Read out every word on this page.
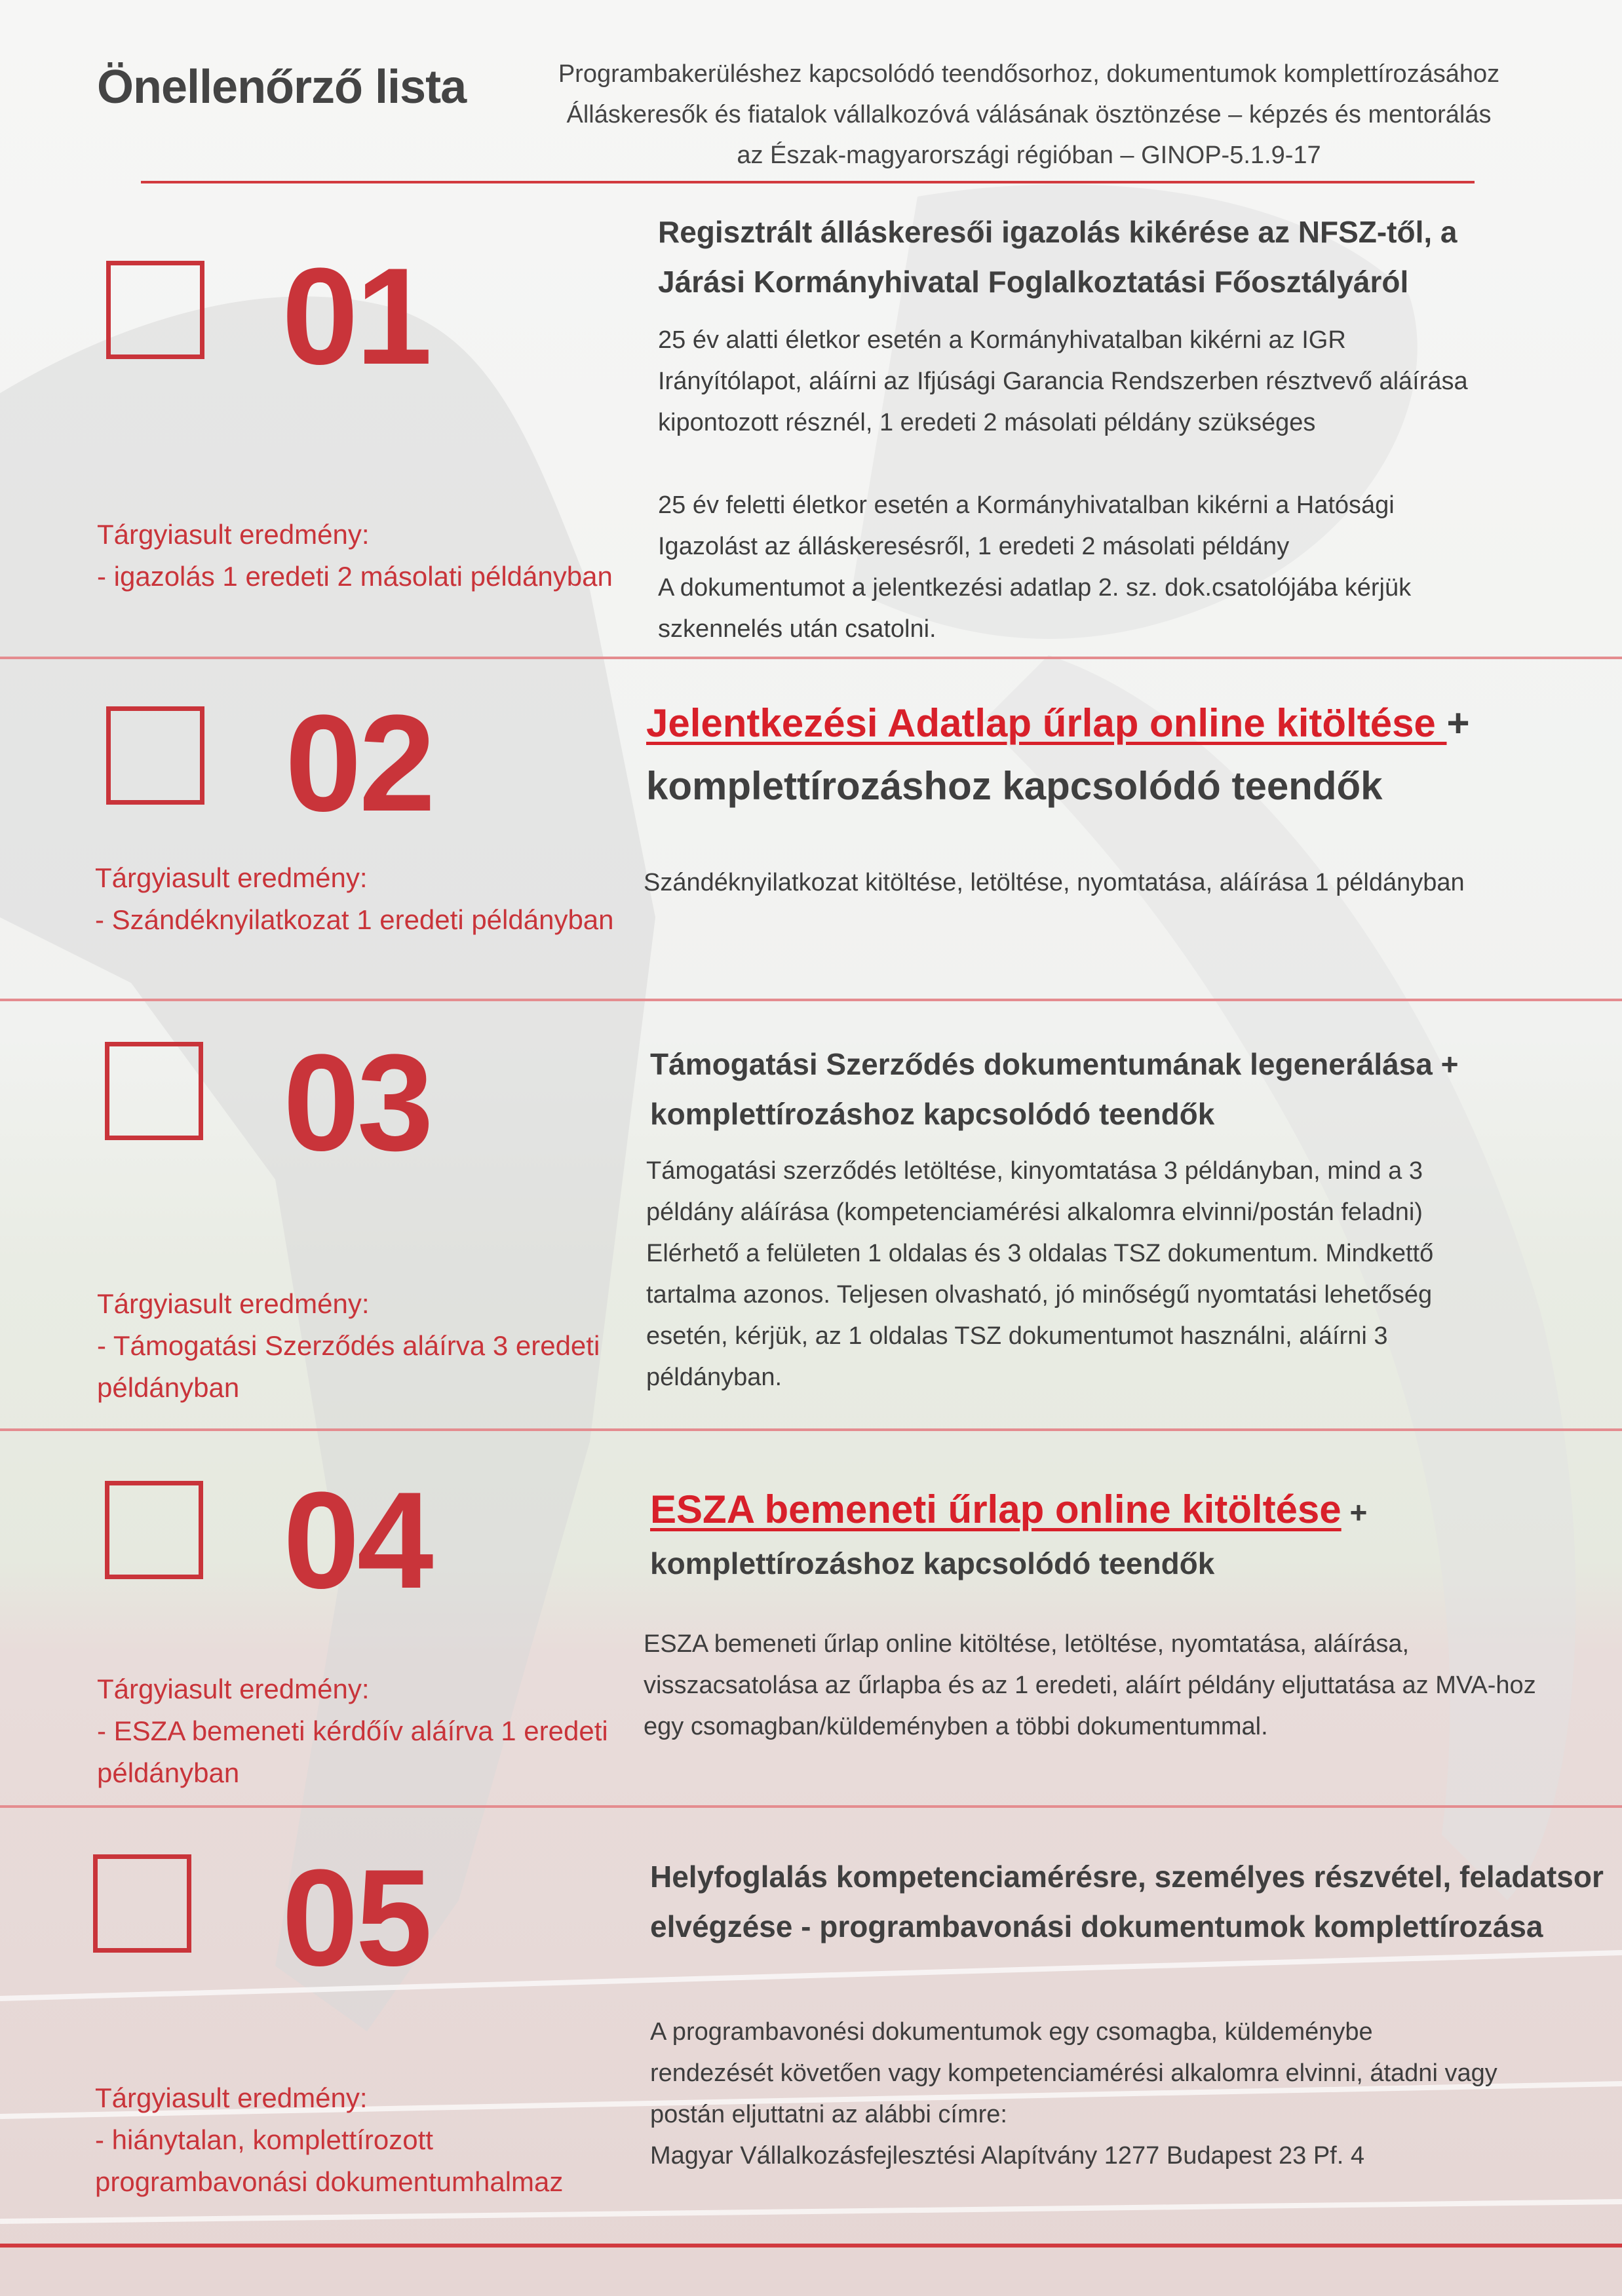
Önellenőrző lista	Programbakerüléshez kapcsolódó teendősorhoz, dokumentumok komplettírozásához
Álláskeresők és fiatalok vállalkozóvá válásának ösztönzése – képzés és mentorálás
az Észak-magyarországi régióban – GINOP-5.1.9-17
01
Regisztrált álláskeresői igazolás kikérése az NFSZ-től, a
Járási Kormányhivatal Foglalkoztatási Főosztályáról
25 év alatti életkor esetén a Kormányhivatalban kikérni az IGR
Irányítólapot, aláírni az Ifjúsági Garancia Rendszerben résztvevő aláírása
kipontozott résznél, 1 eredeti 2 másolati példány szükséges
25 év feletti életkor esetén a Kormányhivatalban kikérni a Hatósági
Igazolást az álláskeresésről, 1 eredeti 2 másolati példány
A dokumentumot a jelentkezési adatlap 2. sz. dok.csatolójába kérjük
szkennelés után csatolni.
Tárgyiasult eredmény:
- igazolás 1 eredeti 2 másolati példányban
02	Jelentkezési Adatlap űrlap online kitöltése +
komplettírozáshoz kapcsolódó teendők
Szándéknyilatkozat kitöltése, letöltése, nyomtatása, aláírása 1 példányban
Tárgyiasult eredmény:
- Szándéknyilatkozat 1 eredeti példányban
03	Támogatási Szerződés dokumentumának legenerálása +
komplettírozáshoz kapcsolódó teendők
Támogatási szerződés letöltése, kinyomtatása 3 példányban, mind a 3
példány aláírása (kompetenciamérési alkalomra elvinni/postán feladni)
Elérhető a felületen 1 oldalas és 3 oldalas TSZ dokumentum. Mindkettő
tartalma azonos. Teljesen olvasható, jó minőségű nyomtatási lehetőség
esetén, kérjük, az 1 oldalas TSZ dokumentumot használni, aláírni 3
példányban.
Tárgyiasult eredmény:
- Támogatási Szerződés aláírva 3 eredeti
példányban
04	ESZA bemeneti űrlap online kitöltése +
komplettírozáshoz kapcsolódó teendők
ESZA bemeneti űrlap online kitöltése, letöltése, nyomtatása, aláírása,
visszacsatolása az űrlapba és az 1 eredeti, aláírt példány eljuttatása az MVA-hoz
egy csomagban/küldeményben a többi dokumentummal.
Tárgyiasult eredmény:
- ESZA bemeneti kérdőív aláírva 1 eredeti
példányban
05	Helyfoglalás kompetenciamérésre, személyes részvétel, feladatsor
elvégzése - programbavonási dokumentumok komplettírozása
A programbavonési dokumentumok egy csomagba, küldeménybe
rendezését követően vagy kompetenciamérési alkalomra elvinni, átadni vagy
postán eljuttatni az alábbi címre:
Magyar Vállalkozásfejlesztési Alapítvány 1277 Budapest 23 Pf. 4
Tárgyiasult eredmény:
- hiánytalan, komplettírozott
programbavonási dokumentumhalmaz
